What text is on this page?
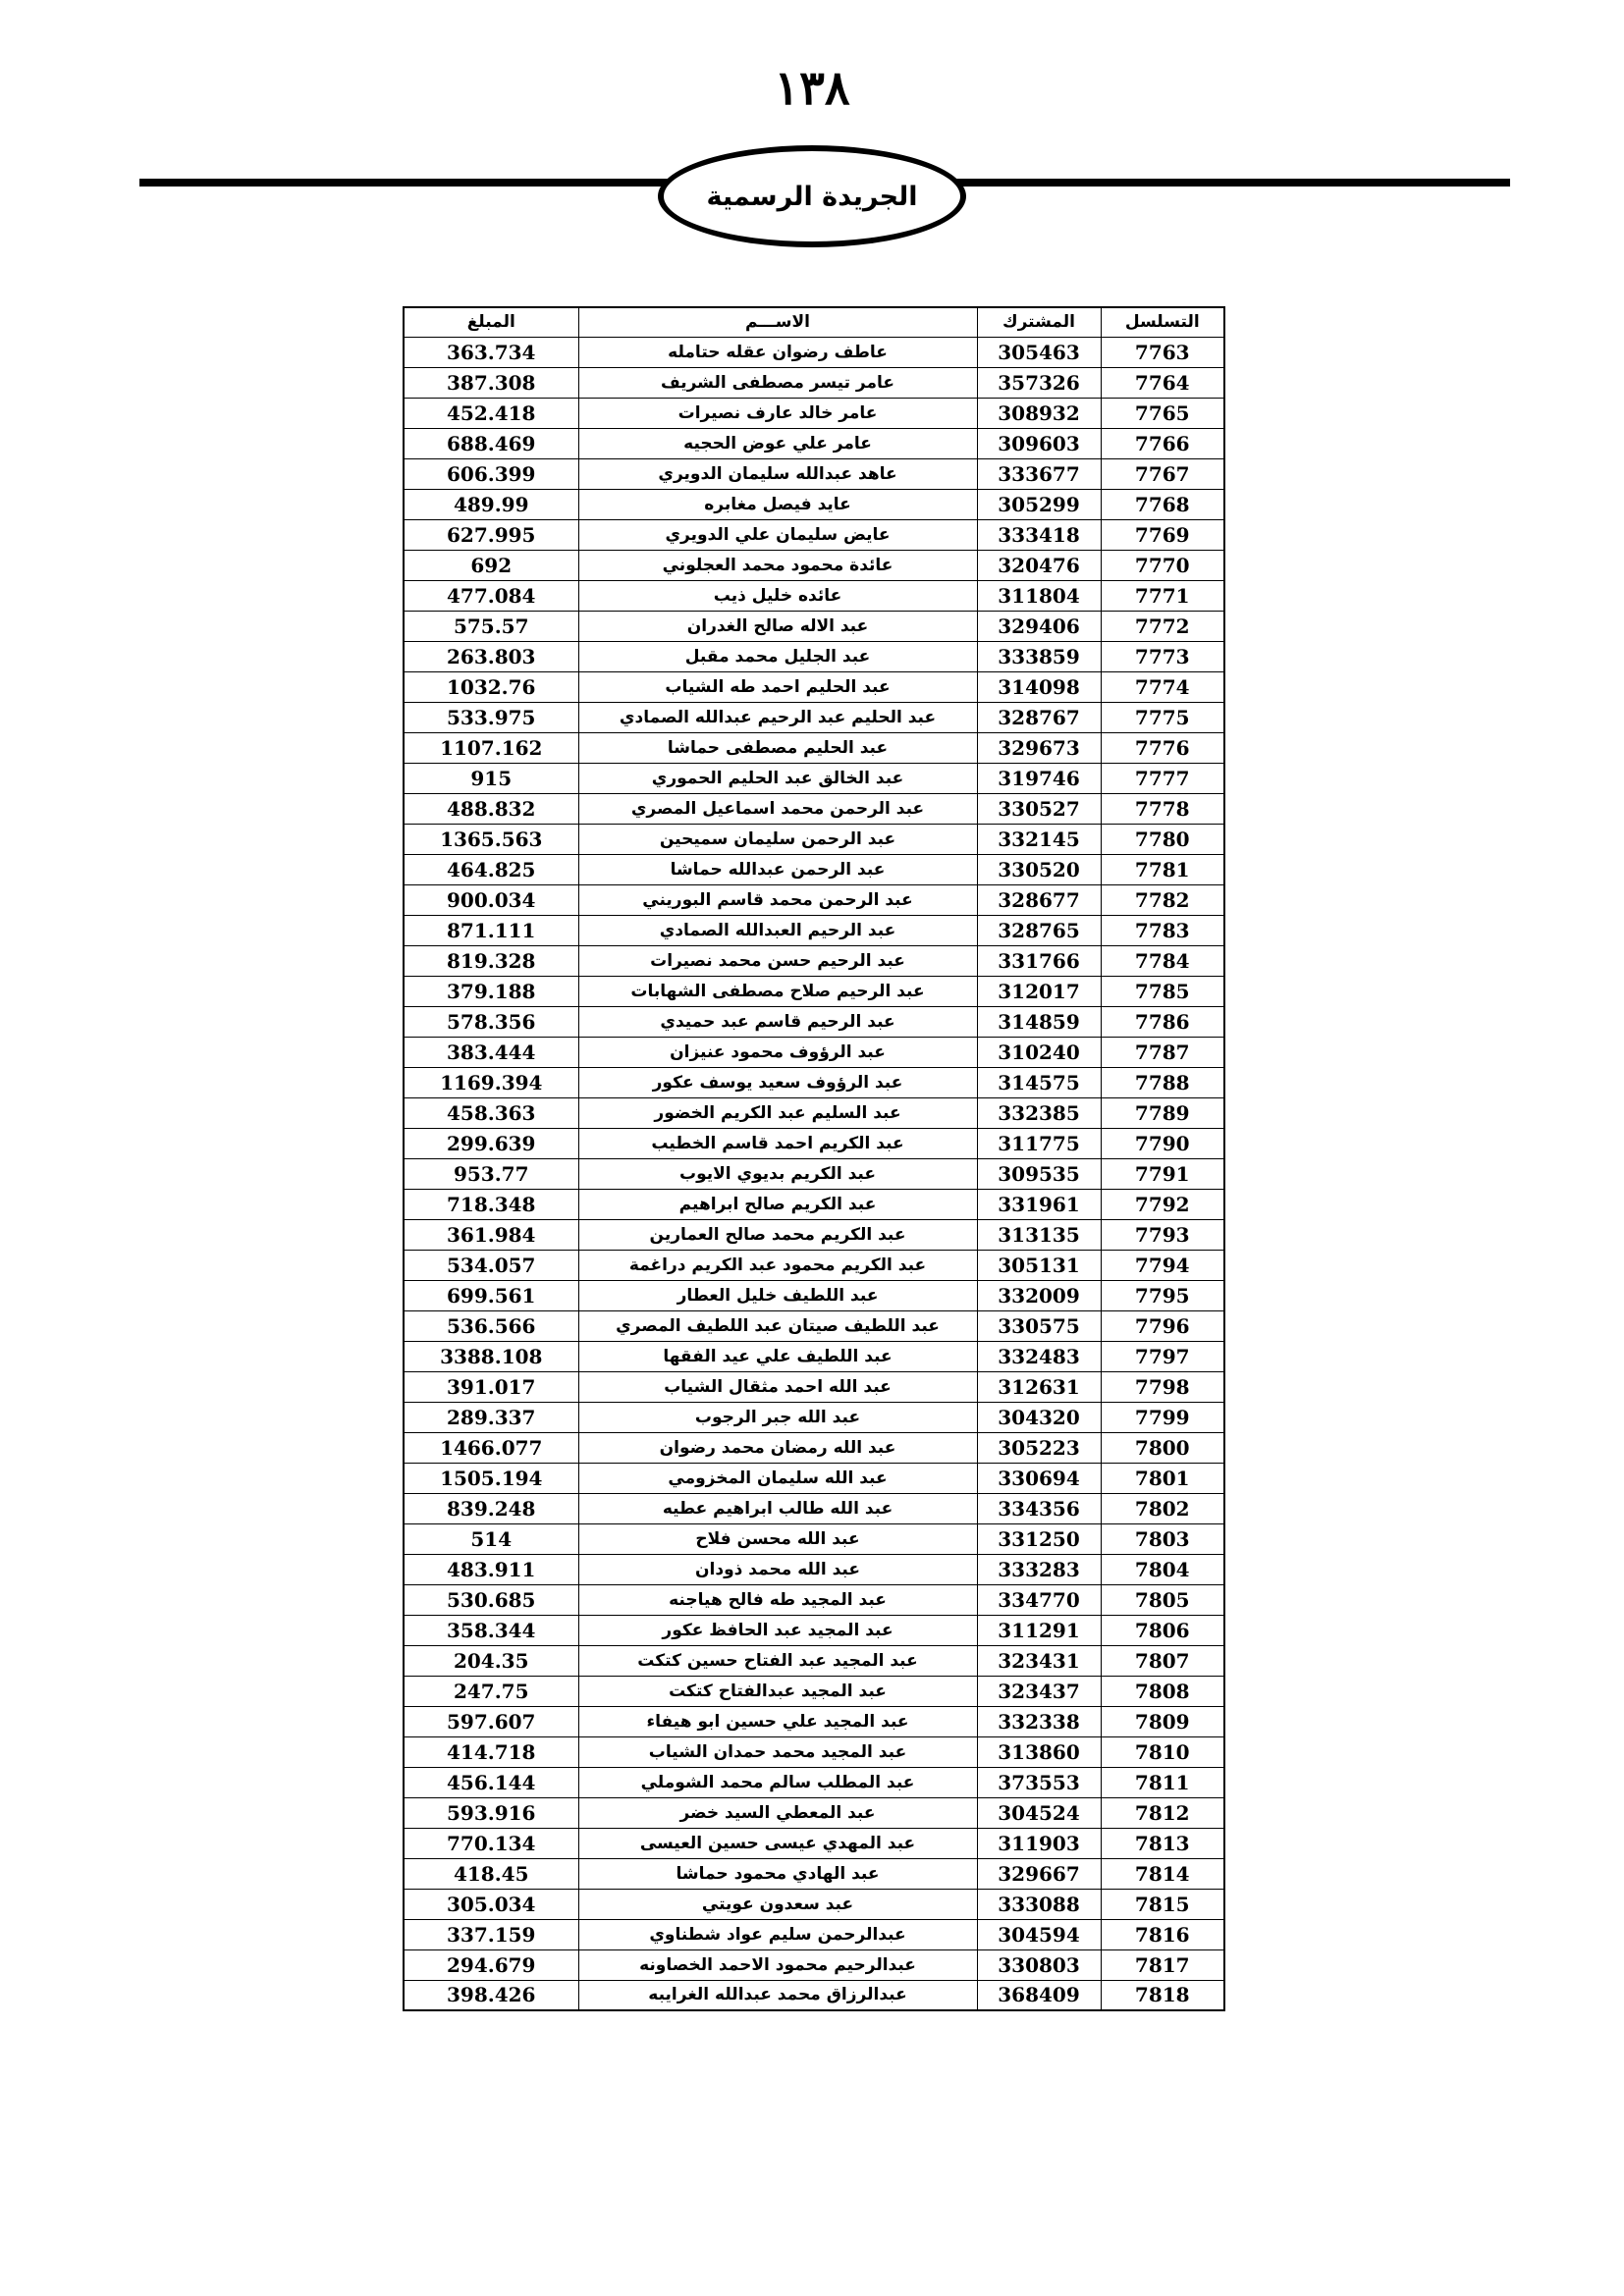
١٣٨
الجريدة الرسمية
التسلسل	المشترك	الاســـم	المبلغ
7763	305463	عاطف رضوان عقله حتامله	363.734
7764	357326	عامر تيسر مصطفى الشريف	387.308
7765	308932	عامر خالد عارف نصيرات	452.418
7766	309603	عامر علي عوض الحجيه	688.469
7767	333677	عاهد عبدالله سليمان الدويري	606.399
7768	305299	عايد فيصل مغابره	489.99
7769	333418	عايض سليمان علي الدويري	627.995
7770	320476	عائدة محمود محمد العجلوني	692
7771	311804	عائده خليل ذيب	477.084
7772	329406	عبد الاله صالح الغدران	575.57
7773	333859	عبد الجليل محمد مقبل	263.803
7774	314098	عبد الحليم احمد طه الشياب	1032.76
7775	328767	عبد الحليم عبد الرحيم عبدالله الصمادي	533.975
7776	329673	عبد الحليم مصطفى حماشا	1107.162
7777	319746	عبد الخالق عبد الحليم الحموري	915
7778	330527	عبد الرحمن محمد اسماعيل المصري	488.832
7780	332145	عبد الرحمن سليمان سميحين	1365.563
7781	330520	عبد الرحمن عبدالله حماشا	464.825
7782	328677	عبد الرحمن محمد قاسم البوريني	900.034
7783	328765	عبد الرحيم العبدالله الصمادي	871.111
7784	331766	عبد الرحيم حسن محمد نصيرات	819.328
7785	312017	عبد الرحيم صلاح مصطفى الشهابات	379.188
7786	314859	عبد الرحيم قاسم عبد حميدي	578.356
7787	310240	عبد الرؤوف محمود عنيزان	383.444
7788	314575	عبد الرؤوف سعيد يوسف عكور	1169.394
7789	332385	عبد السليم عبد الكريم الخضور	458.363
7790	311775	عبد الكريم احمد قاسم الخطيب	299.639
7791	309535	عبد الكريم بديوي الايوب	953.77
7792	331961	عبد الكريم صالح ابراهيم	718.348
7793	313135	عبد الكريم محمد صالح العمارين	361.984
7794	305131	عبد الكريم محمود عبد الكريم دراغمة	534.057
7795	332009	عبد اللطيف خليل العطار	699.561
7796	330575	عبد اللطيف صيتان عبد اللطيف المصري	536.566
7797	332483	عبد اللطيف علي عيد الفقها	3388.108
7798	312631	عبد الله احمد مثقال الشياب	391.017
7799	304320	عبد الله جبر الرجوب	289.337
7800	305223	عبد الله رمضان محمد رضوان	1466.077
7801	330694	عبد الله سليمان المخزومي	1505.194
7802	334356	عبد الله طالب ابراهيم عطيه	839.248
7803	331250	عبد الله محسن فلاح	514
7804	333283	عبد الله محمد ذودان	483.911
7805	334770	عبد المجيد طه فالح هياجنه	530.685
7806	311291	عبد المجيد عبد الحافظ عكور	358.344
7807	323431	عبد المجيد عبد الفتاح حسين كتكت	204.35
7808	323437	عبد المجيد عبدالفتاح كتكت	247.75
7809	332338	عبد المجيد علي حسين ابو هيفاء	597.607
7810	313860	عبد المجيد محمد حمدان الشياب	414.718
7811	373553	عبد المطلب سالم محمد الشوملي	456.144
7812	304524	عبد المعطي السيد خضر	593.916
7813	311903	عبد المهدي عيسى حسين العيسى	770.134
7814	329667	عبد الهادي محمود حماشا	418.45
7815	333088	عبد سعدون عويتي	305.034
7816	304594	عبدالرحمن سليم عواد شطناوي	337.159
7817	330803	عبدالرحيم محمود الاحمد الخصاونه	294.679
7818	368409	عبدالرزاق محمد عبدالله الغرايبه	398.426
